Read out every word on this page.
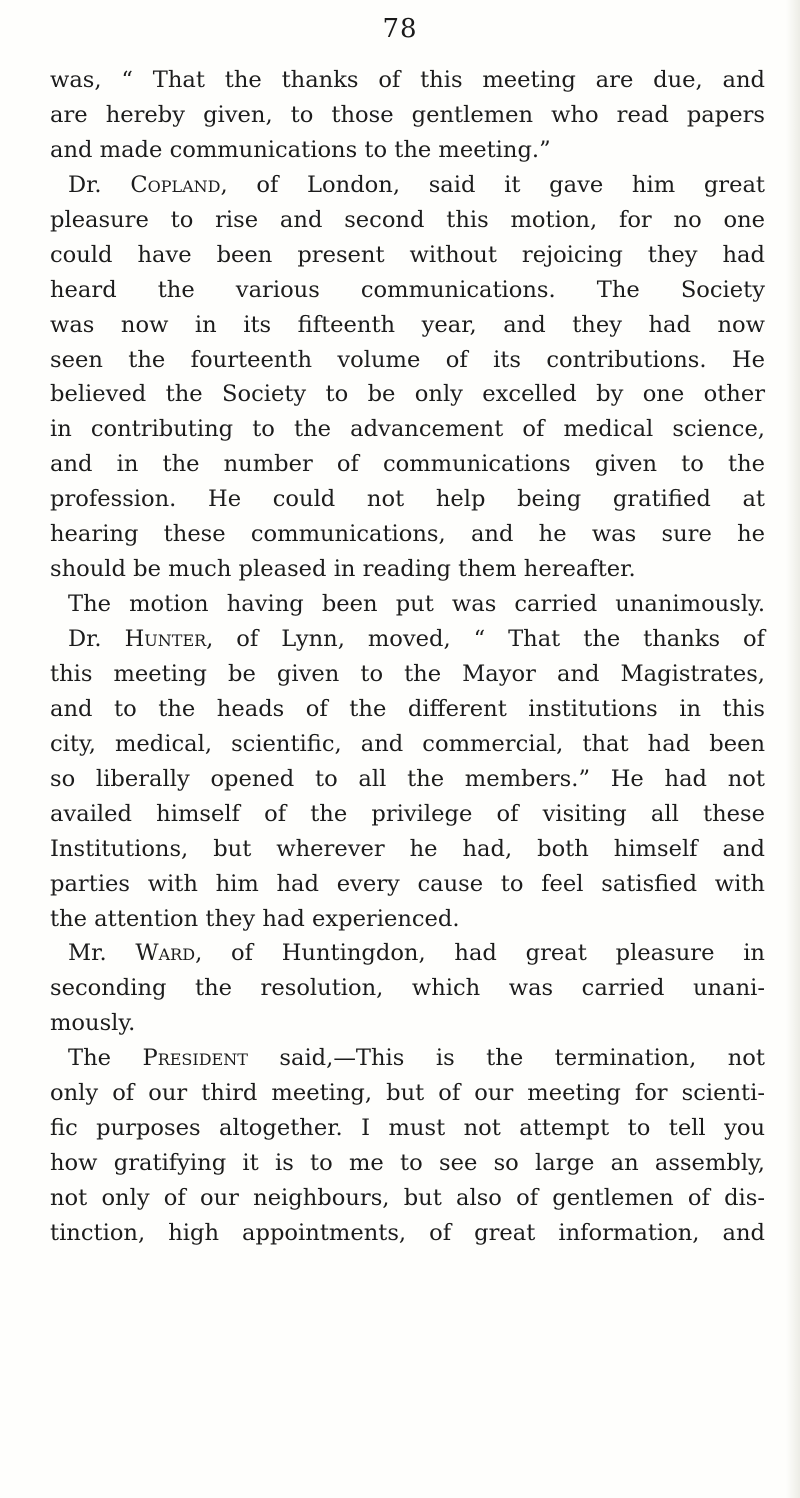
78
was, “ That the thanks of this meeting are due, and
are hereby given, to those gentlemen who read papers
and made communications to the meeting.”
Dr. Copland, of London, said it gave him great
pleasure to rise and second this motion, for no one
could have been present without rejoicing they had
heard the various communications. The Society
was now in its fifteenth year, and they had now
seen the fourteenth volume of its contributions. He
believed the Society to be only excelled by one other
in contributing to the advancement of medical science,
and in the number of communications given to the
profession. He could not help being gratified at
hearing these communications, and he was sure he
should be much pleased in reading them hereafter.
The motion having been put was carried unanimously.
Dr. Hunter, of Lynn, moved, “ That the thanks of
this meeting be given to the Mayor and Magistrates,
and to the heads of the different institutions in this
city, medical, scientific, and commercial, that had been
so liberally opened to all the members.” He had not
availed himself of the privilege of visiting all these
Institutions, but wherever he had, both himself and
parties with him had every cause to feel satisfied with
the attention they had experienced.
Mr. Ward, of Huntingdon, had great pleasure in
seconding the resolution, which was carried unani-
mously.
The President said,—This is the termination, not
only of our third meeting, but of our meeting for scienti-
fic purposes altogether. I must not attempt to tell you
how gratifying it is to me to see so large an assembly,
not only of our neighbours, but also of gentlemen of dis-
tinction, high appointments, of great information, and
